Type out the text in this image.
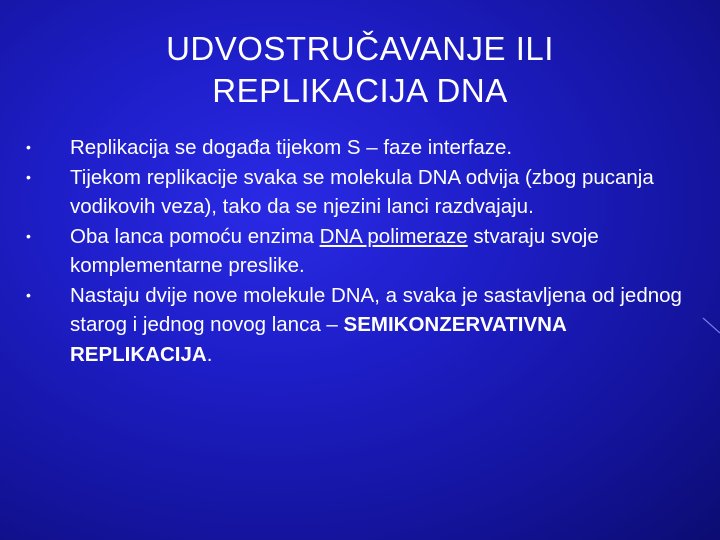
UDVOSTRUČAVANJE ILI
REPLIKACIJA DNA
•	Replikacija se događa tijekom S – faze interfaze.
•	Tijekom replikacije svaka se molekula DNA odvija (zbog pucanja vodikovih veza), tako da se njezini lanci razdvajaju.
•	Oba lanca pomoću enzima DNA polimeraze stvaraju svoje komplementarne preslike.
•	Nastaju dvije nove molekule DNA, a svaka je sastavljena od jednog starog i jednog novog lanca – SEMIKONZERVATIVNA REPLIKACIJA.
